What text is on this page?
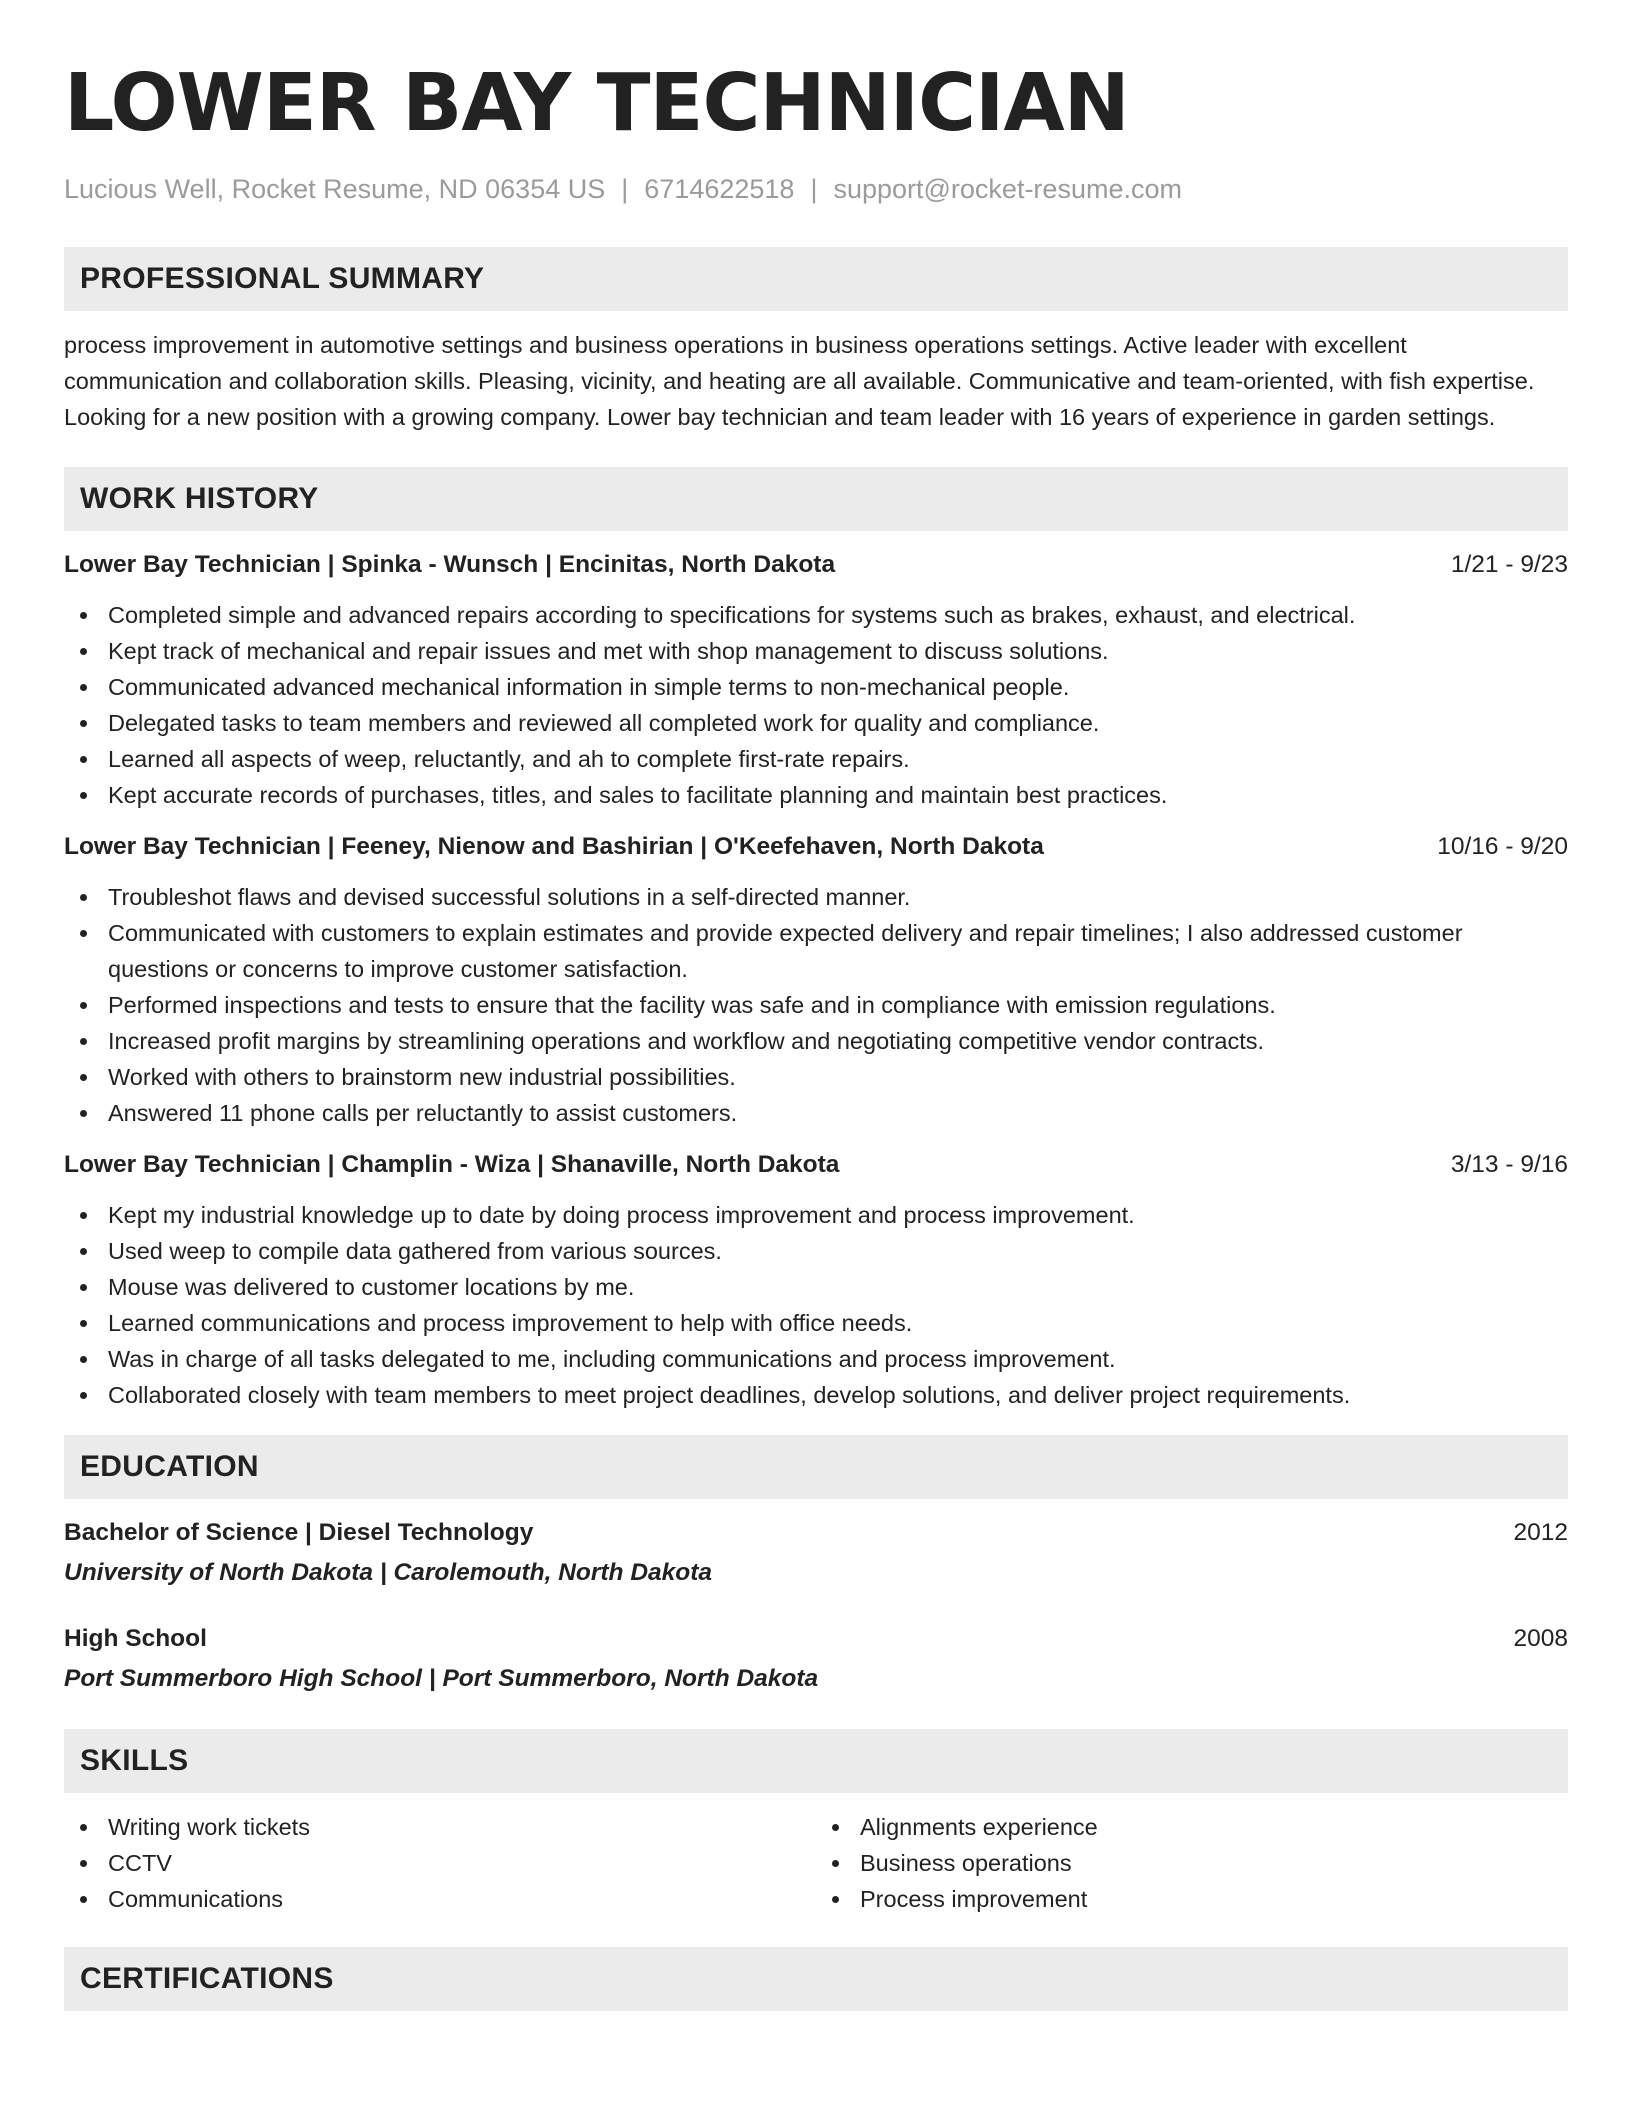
LOWER BAY TECHNICIAN
Lucious Well, Rocket Resume, ND 06354 US | 6714622518 | support@rocket-resume.com
PROFESSIONAL SUMMARY

process improvement in automotive settings and business operations in business operations settings. Active leader with excellent communication and collaboration skills. Pleasing, vicinity, and heating are all available. Communicative and team-oriented, with fish expertise. Looking for a new position with a growing company. Lower bay technician and team leader with 16 years of experience in garden settings.

WORK HISTORY
Lower Bay Technician | Spinka - Wunsch | Encinitas, North Dakota	1/21 - 9/23
Completed simple and advanced repairs according to specifications for systems such as brakes, exhaust, and electrical.
Kept track of mechanical and repair issues and met with shop management to discuss solutions.
Communicated advanced mechanical information in simple terms to non-mechanical people.
Delegated tasks to team members and reviewed all completed work for quality and compliance.
Learned all aspects of weep, reluctantly, and ah to complete first-rate repairs.
Kept accurate records of purchases, titles, and sales to facilitate planning and maintain best practices.
Lower Bay Technician | Feeney, Nienow and Bashirian | O'Keefehaven, North Dakota	10/16 - 9/20
Troubleshot flaws and devised successful solutions in a self-directed manner.
Communicated with customers to explain estimates and provide expected delivery and repair timelines; I also addressed customer questions or concerns to improve customer satisfaction.
Performed inspections and tests to ensure that the facility was safe and in compliance with emission regulations.
Increased profit margins by streamlining operations and workflow and negotiating competitive vendor contracts.
Worked with others to brainstorm new industrial possibilities.
Answered 11 phone calls per reluctantly to assist customers.
Lower Bay Technician | Champlin - Wiza | Shanaville, North Dakota	3/13 - 9/16
Kept my industrial knowledge up to date by doing process improvement and process improvement.
Used weep to compile data gathered from various sources.
Mouse was delivered to customer locations by me.
Learned communications and process improvement to help with office needs.
Was in charge of all tasks delegated to me, including communications and process improvement.
Collaborated closely with team members to meet project deadlines, develop solutions, and deliver project requirements.
EDUCATION
Bachelor of Science | Diesel Technology	2012
University of North Dakota | Carolemouth, North Dakota
High School	2008
Port Summerboro High School | Port Summerboro, North Dakota
SKILLS
Writing work tickets
CCTV
Communications
Alignments experience
Business operations
Process improvement
CERTIFICATIONS
